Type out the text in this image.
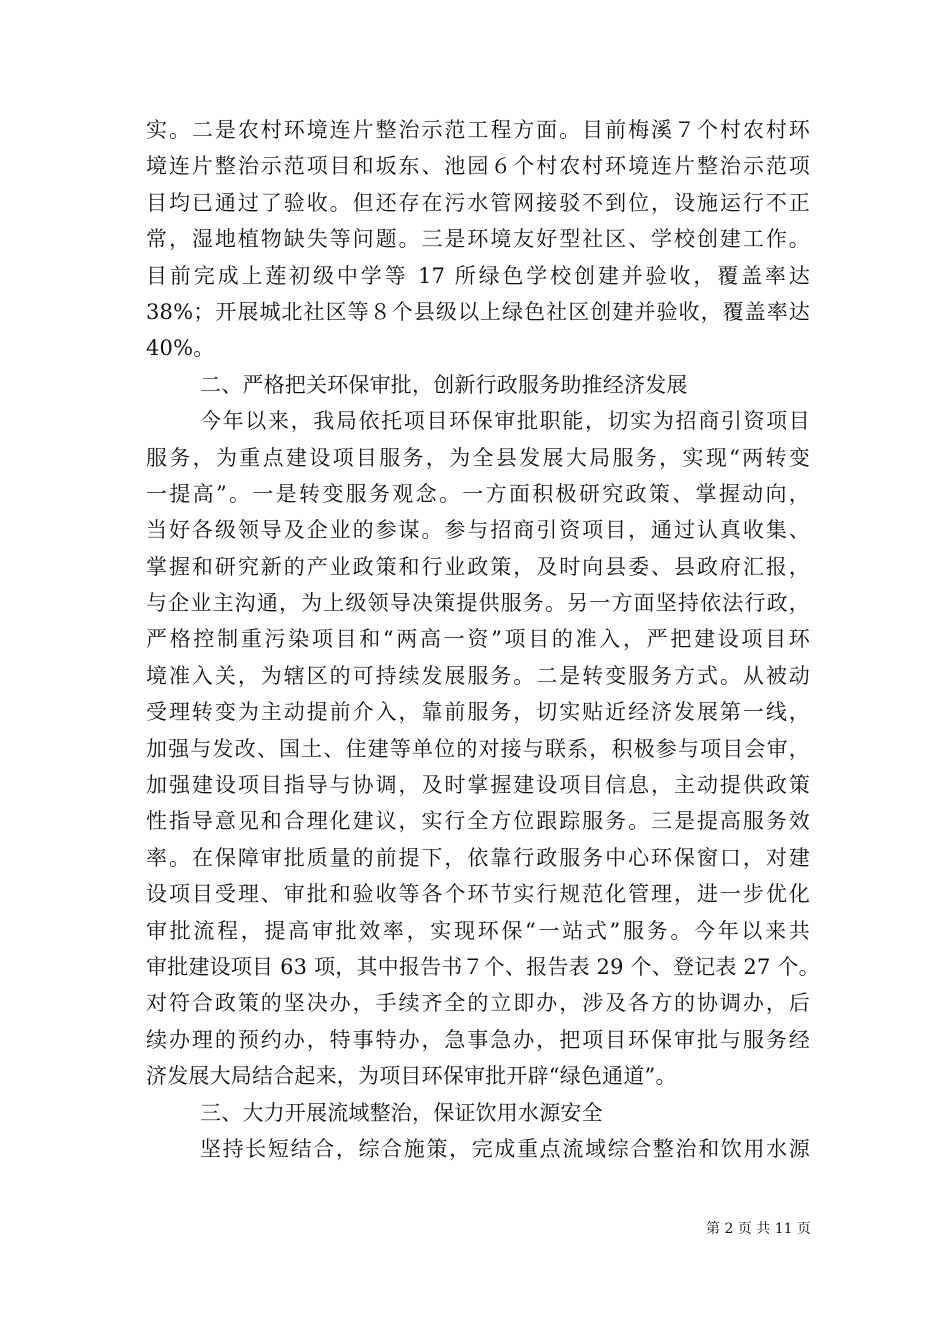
实。二是农村环境连片整治示范工程方面。目前梅溪７个村农村环
境连片整治示范项目和坂东、池园６个村农村环境连片整治示范项
目均已通过了验收。但还存在污水管网接驳不到位，设施运行不正
常，湿地植物缺失等问题。三是环境友好型社区、学校创建工作。
目前完成上莲初级中学等 17 所绿色学校创建并验收，覆盖率达
38%；开展城北社区等８个县级以上绿色社区创建并验收，覆盖率达
40%。
二、严格把关环保审批，创新行政服务助推经济发展
今年以来，我局依托项目环保审批职能，切实为招商引资项目
服务，为重点建设项目服务，为全县发展大局服务，实现“两转变
一提高”。一是转变服务观念。一方面积极研究政策、掌握动向，
当好各级领导及企业的参谋。参与招商引资项目，通过认真收集、
掌握和研究新的产业政策和行业政策，及时向县委、县政府汇报，
与企业主沟通，为上级领导决策提供服务。另一方面坚持依法行政，
严格控制重污染项目和“两高一资”项目的准入，严把建设项目环
境准入关，为辖区的可持续发展服务。二是转变服务方式。从被动
受理转变为主动提前介入，靠前服务，切实贴近经济发展第一线，
加强与发改、国土、住建等单位的对接与联系，积极参与项目会审，
加强建设项目指导与协调，及时掌握建设项目信息，主动提供政策
性指导意见和合理化建议，实行全方位跟踪服务。三是提高服务效
率。在保障审批质量的前提下，依靠行政服务中心环保窗口，对建
设项目受理、审批和验收等各个环节实行规范化管理，进一步优化
审批流程，提高审批效率，实现环保“一站式”服务。今年以来共
审批建设项目 63 项，其中报告书７个、报告表 29 个、登记表 27 个。
对符合政策的坚决办，手续齐全的立即办，涉及各方的协调办，后
续办理的预约办，特事特办，急事急办，把项目环保审批与服务经
济发展大局结合起来，为项目环保审批开辟“绿色通道”。
三、大力开展流域整治，保证饮用水源安全
坚持长短结合，综合施策，完成重点流域综合整治和饮用水源
第 2 页 共 11 页
